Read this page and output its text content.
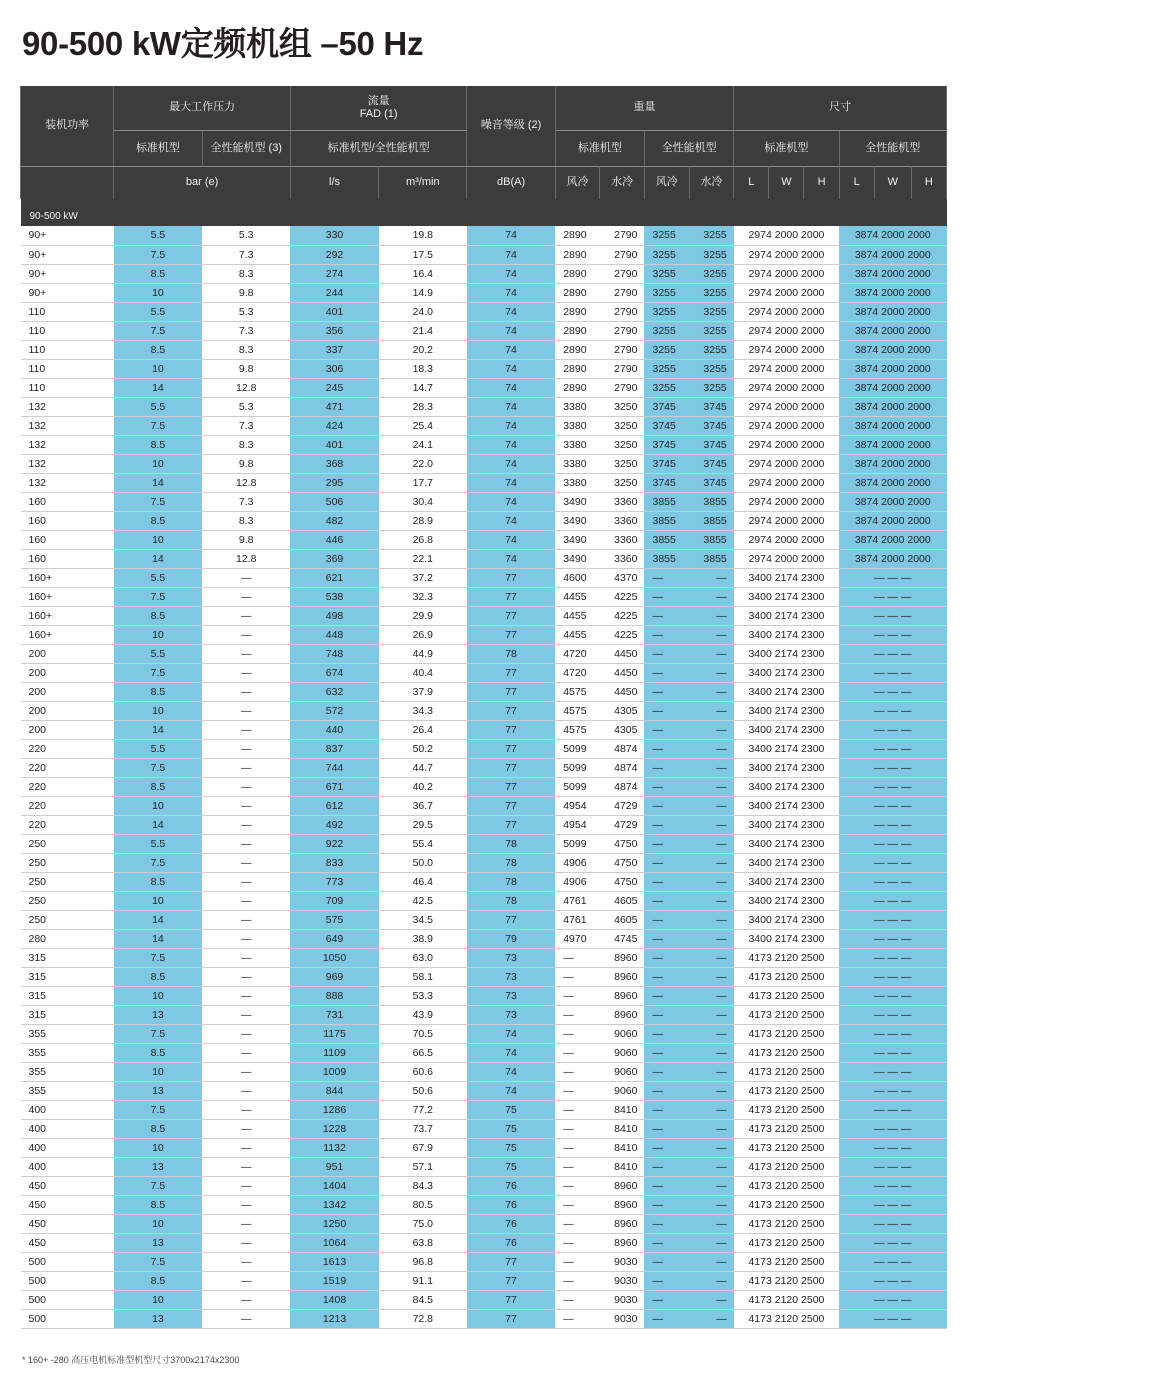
90-500 kW定频机组 –50 Hz
装机功率	最大工作压力		流量
FAD (1)		噪音等级 (2)	重量				尺寸					
	标准机型	全性能机型 (3)	标准机型/全性能机型			标准机型		全性能机型		标准机型			全性能机型		
	bar (e)		l/s	m³/min	dB(A)	风冷	水冷	风冷	水冷	L	W	H	L	W	H
90-500 kW															
90+	5.5	5.3	330	19.8	74	2890	2790	3255	3255	2974 2000 2000			3874 2000 2000		
90+	7.5	7.3	292	17.5	74	2890	2790	3255	3255	2974 2000 2000			3874 2000 2000		
90+	8.5	8.3	274	16.4	74	2890	2790	3255	3255	2974 2000 2000			3874 2000 2000		
90+	10	9.8	244	14.9	74	2890	2790	3255	3255	2974 2000 2000			3874 2000 2000		
110	5.5	5.3	401	24.0	74	2890	2790	3255	3255	2974 2000 2000			3874 2000 2000		
110	7.5	7.3	356	21.4	74	2890	2790	3255	3255	2974 2000 2000			3874 2000 2000		
110	8.5	8.3	337	20.2	74	2890	2790	3255	3255	2974 2000 2000			3874 2000 2000		
110	10	9.8	306	18.3	74	2890	2790	3255	3255	2974 2000 2000			3874 2000 2000		
110	14	12.8	245	14.7	74	2890	2790	3255	3255	2974 2000 2000			3874 2000 2000		
132	5.5	5.3	471	28.3	74	3380	3250	3745	3745	2974 2000 2000			3874 2000 2000		
132	7.5	7.3	424	25.4	74	3380	3250	3745	3745	2974 2000 2000			3874 2000 2000		
132	8.5	8.3	401	24.1	74	3380	3250	3745	3745	2974 2000 2000			3874 2000 2000		
132	10	9.8	368	22.0	74	3380	3250	3745	3745	2974 2000 2000			3874 2000 2000		
132	14	12.8	295	17.7	74	3380	3250	3745	3745	2974 2000 2000			3874 2000 2000		
160	7.5	7.3	506	30.4	74	3490	3360	3855	3855	2974 2000 2000			3874 2000 2000		
160	8.5	8.3	482	28.9	74	3490	3360	3855	3855	2974 2000 2000			3874 2000 2000		
160	10	9.8	446	26.8	74	3490	3360	3855	3855	2974 2000 2000			3874 2000 2000		
160	14	12.8	369	22.1	74	3490	3360	3855	3855	2974 2000 2000			3874 2000 2000		
160+	5.5	—	621	37.2	77	4600	4370	—	—	3400 2174 2300			— — —		
160+	7.5	—	538	32.3	77	4455	4225	—	—	3400 2174 2300			— — —		
160+	8.5	—	498	29.9	77	4455	4225	—	—	3400 2174 2300			— — —		
160+	10	—	448	26.9	77	4455	4225	—	—	3400 2174 2300			— — —		
200	5.5	—	748	44.9	78	4720	4450	—	—	3400 2174 2300			— — —		
200	7.5	—	674	40.4	77	4720	4450	—	—	3400 2174 2300			— — —		
200	8.5	—	632	37.9	77	4575	4450	—	—	3400 2174 2300			— — —		
200	10	—	572	34.3	77	4575	4305	—	—	3400 2174 2300			— — —		
200	14	—	440	26.4	77	4575	4305	—	—	3400 2174 2300			— — —		
220	5.5	—	837	50.2	77	5099	4874	—	—	3400 2174 2300			— — —		
220	7.5	—	744	44.7	77	5099	4874	—	—	3400 2174 2300			— — —		
220	8.5	—	671	40.2	77	5099	4874	—	—	3400 2174 2300			— — —		
220	10	—	612	36.7	77	4954	4729	—	—	3400 2174 2300			— — —		
220	14	—	492	29.5	77	4954	4729	—	—	3400 2174 2300			— — —		
250	5.5	—	922	55.4	78	5099	4750	—	—	3400 2174 2300			— — —		
250	7.5	—	833	50.0	78	4906	4750	—	—	3400 2174 2300			— — —		
250	8.5	—	773	46.4	78	4906	4750	—	—	3400 2174 2300			— — —		
250	10	—	709	42.5	78	4761	4605	—	—	3400 2174 2300			— — —		
250	14	—	575	34.5	77	4761	4605	—	—	3400 2174 2300			— — —		
280	14	—	649	38.9	79	4970	4745	—	—	3400 2174 2300			— — —		
315	7.5	—	1050	63.0	73	—	8960	—	—	4173 2120 2500			— — —		
315	8.5	—	969	58.1	73	—	8960	—	—	4173 2120 2500			— — —		
315	10	—	888	53.3	73	—	8960	—	—	4173 2120 2500			— — —		
315	13	—	731	43.9	73	—	8960	—	—	4173 2120 2500			— — —		
355	7.5	—	1175	70.5	74	—	9060	—	—	4173 2120 2500			— — —		
355	8.5	—	1109	66.5	74	—	9060	—	—	4173 2120 2500			— — —		
355	10	—	1009	60.6	74	—	9060	—	—	4173 2120 2500			— — —		
355	13	—	844	50.6	74	—	9060	—	—	4173 2120 2500			— — —		
400	7.5	—	1286	77.2	75	—	8410	—	—	4173 2120 2500			— — —		
400	8.5	—	1228	73.7	75	—	8410	—	—	4173 2120 2500			— — —		
400	10	—	1132	67.9	75	—	8410	—	—	4173 2120 2500			— — —		
400	13	—	951	57.1	75	—	8410	—	—	4173 2120 2500			— — —		
450	7.5	—	1404	84.3	76	—	8960	—	—	4173 2120 2500			— — —		
450	8.5	—	1342	80.5	76	—	8960	—	—	4173 2120 2500			— — —		
450	10	—	1250	75.0	76	—	8960	—	—	4173 2120 2500			— — —		
450	13	—	1064	63.8	76	—	8960	—	—	4173 2120 2500			— — —		
500	7.5	—	1613	96.8	77	—	9030	—	—	4173 2120 2500			— — —		
500	8.5	—	1519	91.1	77	—	9030	—	—	4173 2120 2500			— — —		
500	10	—	1408	84.5	77	—	9030	—	—	4173 2120 2500			— — —		
500	13	—	1213	72.8	77	—	9030	—	—	4173 2120 2500			— — —		
* 160+ -280 高压电机标准型机型尺寸3700x2174x2300
